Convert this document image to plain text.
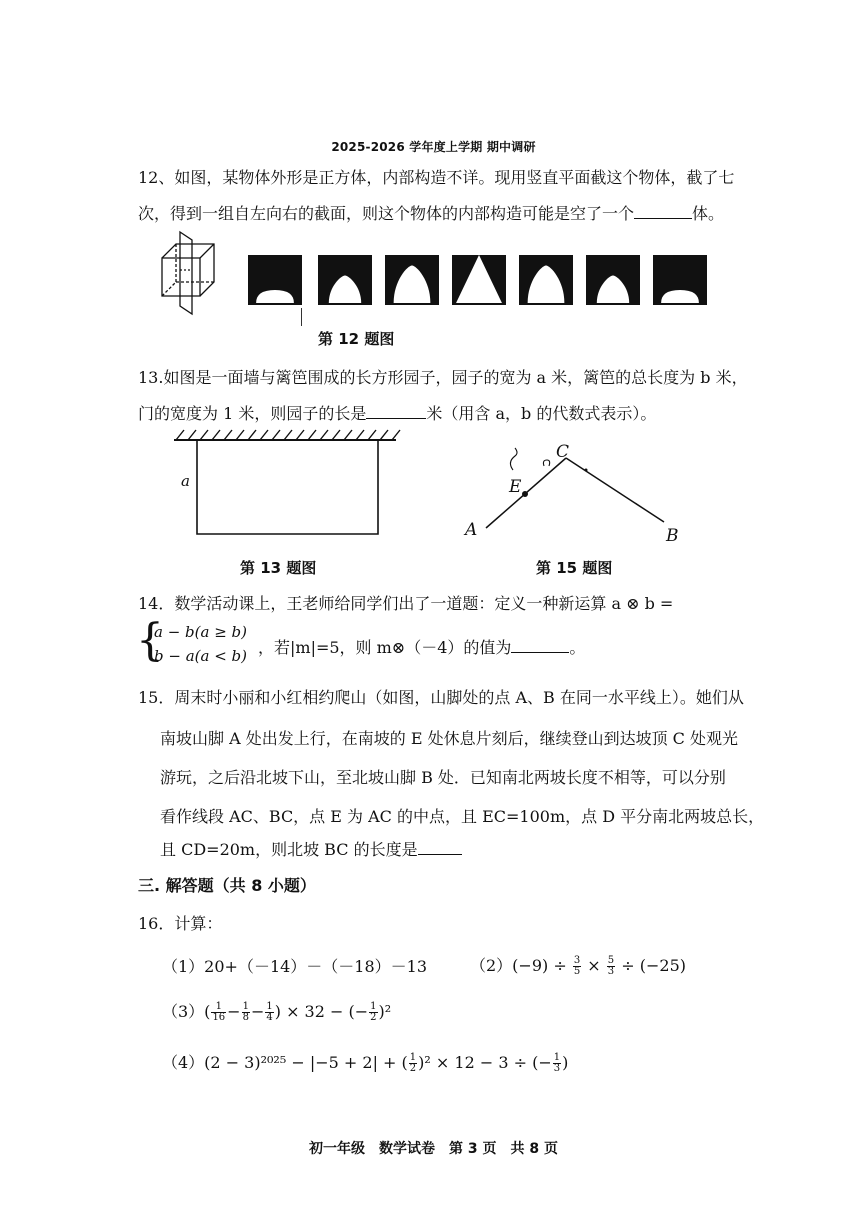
2025-2026 学年度上学期 期中调研
12、如图，某物体外形是正方体，内部构造不详。现用竖直平面截这个物体，截了七
次，得到一组自左向右的截面，则这个物体的内部构造可能是空了一个	体。
第 12 题图
13.如图是一面墙与篱笆围成的长方形园子，园子的宽为 a 米，篱笆的总长度为 b 米，
门的宽度为 1 米，则园子的长是	米（用含 a，b 的代数式表示）。
a
第 13 题图
A	B
C
E
第 15 题图
14．数学活动课上，王老师给同学们出了一道题：定义一种新运算 a ⊗ b =
{
a − b(a ≥ b)
b − a(a < b) ，若|m|=5，则 m⊗（－4）的值为	。
15．周末时小丽和小红相约爬山（如图，山脚处的点 A、B 在同一水平线上）。她们从
南坡山脚 A 处出发上行，在南坡的 E 处休息片刻后，继续登山到达坡顶 C 处观光
游玩，之后沿北坡下山，至北坡山脚 B 处．已知南北两坡长度不相等，可以分别
看作线段 AC、BC，点 E 为 AC 的中点，且 EC=100m，点 D 平分南北两坡总长，
且 CD=20m，则北坡 BC 的长度是
三. 解答题（共 8 小题）
16．计算：
（1）20+（－14）－（－18）－13	$(2)(-9) \div \frac{3}{5} \times \frac{5}{3} \div (-25)$
$(3)( \frac{1}{16} - \frac{1}{8} - \frac{1}{4}$ ) × 32 − (− $\frac{1}{2} )^2$
（4）(2 − 3)²⁰²⁵ − |−5 + 2| + ( $\frac{1}{2} )^2 \times 12 - 3$ ÷ (− $\frac{1}{3}$ )
初一年级　数学试卷　第 3 页　共 8 页
